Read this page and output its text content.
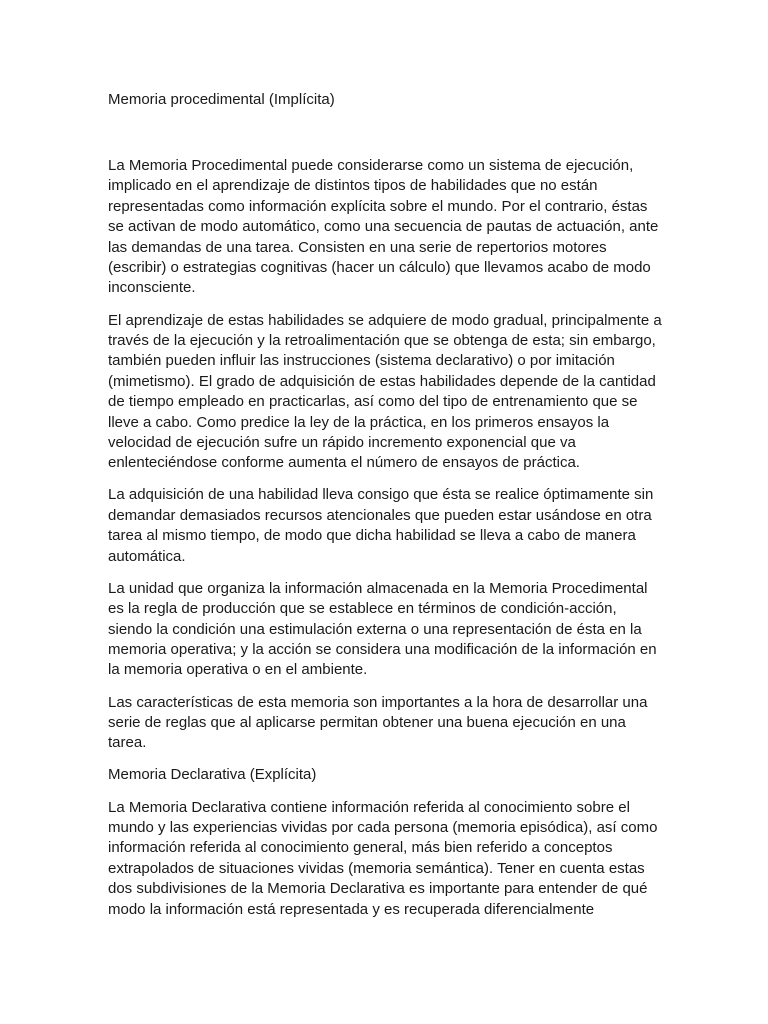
Memoria procedimental (Implícita)

La Memoria Procedimental puede considerarse como un sistema de ejecución, implicado en el aprendizaje de distintos tipos de habilidades que no están representadas como información explícita sobre el mundo. Por el contrario, éstas se activan de modo automático, como una secuencia de pautas de actuación, ante las demandas de una tarea. Consisten en una serie de repertorios motores (escribir) o estrategias cognitivas (hacer un cálculo) que llevamos acabo de modo inconsciente.

El aprendizaje de estas habilidades se adquiere de modo gradual, principalmente a través de la ejecución y la retroalimentación que se obtenga de esta; sin embargo, también pueden influir las instrucciones (sistema declarativo) o por imitación (mimetismo). El grado de adquisición de estas habilidades depende de la cantidad de tiempo empleado en practicarlas, así como del tipo de entrenamiento que se lleve a cabo. Como predice la ley de la práctica, en los primeros ensayos la velocidad de ejecución sufre un rápido incremento exponencial que va enlenteciéndose conforme aumenta el número de ensayos de práctica.

La adquisición de una habilidad lleva consigo que ésta se realice óptimamente sin demandar demasiados recursos atencionales que pueden estar usándose en otra tarea al mismo tiempo, de modo que dicha habilidad se lleva a cabo de manera automática.

La unidad que organiza la información almacenada en la Memoria Procedimental es la regla de producción que se establece en términos de condición-acción, siendo la condición una estimulación externa o una representación de ésta en la memoria operativa; y la acción se considera una modificación de la información en la memoria operativa o en el ambiente.

Las características de esta memoria son importantes a la hora de desarrollar una serie de reglas que al aplicarse permitan obtener una buena ejecución en una tarea.

Memoria Declarativa (Explícita)

La Memoria Declarativa contiene información referida al conocimiento sobre el mundo y las experiencias vividas por cada persona (memoria episódica), así como información referida al conocimiento general, más bien referido a conceptos extrapolados de situaciones vividas (memoria semántica). Tener en cuenta estas dos subdivisiones de la Memoria Declarativa es importante para entender de qué modo la información está representada y es recuperada diferencialmente
